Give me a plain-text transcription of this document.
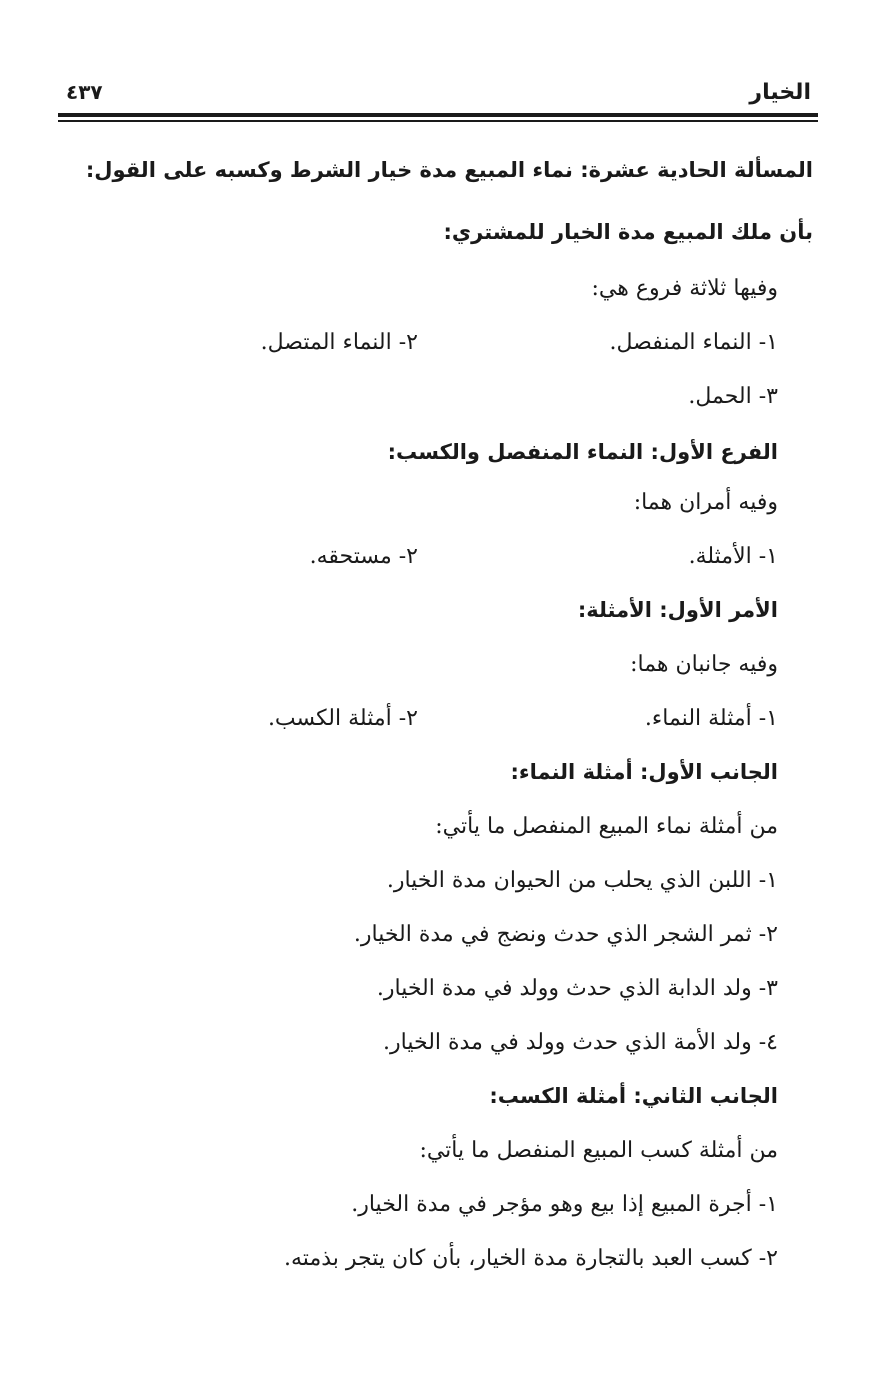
الخيار
٤٣٧
المسألة الحادية عشرة: نماء المبيع مدة خيار الشرط وكسبه على القول:
بأن ملك المبيع مدة الخيار للمشتري:
وفيها ثلاثة فروع هي:
١- النماء المنفصل.
٢- النماء المتصل.
٣- الحمل.
الفرع الأول: النماء المنفصل والكسب:
وفيه أمران هما:
١- الأمثلة.
٢- مستحقه.
الأمر الأول: الأمثلة:
وفيه جانبان هما:
١- أمثلة النماء.
٢- أمثلة الكسب.
الجانب الأول: أمثلة النماء:
من أمثلة نماء المبيع المنفصل ما يأتي:
١- اللبن الذي يحلب من الحيوان مدة الخيار.
٢- ثمر الشجر الذي حدث ونضج في مدة الخيار.
٣- ولد الدابة الذي حدث وولد في مدة الخيار.
٤- ولد الأمة الذي حدث وولد في مدة الخيار.
الجانب الثاني: أمثلة الكسب:
من أمثلة كسب المبيع المنفصل ما يأتي:
١- أجرة المبيع إذا بيع وهو مؤجر في مدة الخيار.
٢- كسب العبد بالتجارة مدة الخيار، بأن كان يتجر بذمته.
